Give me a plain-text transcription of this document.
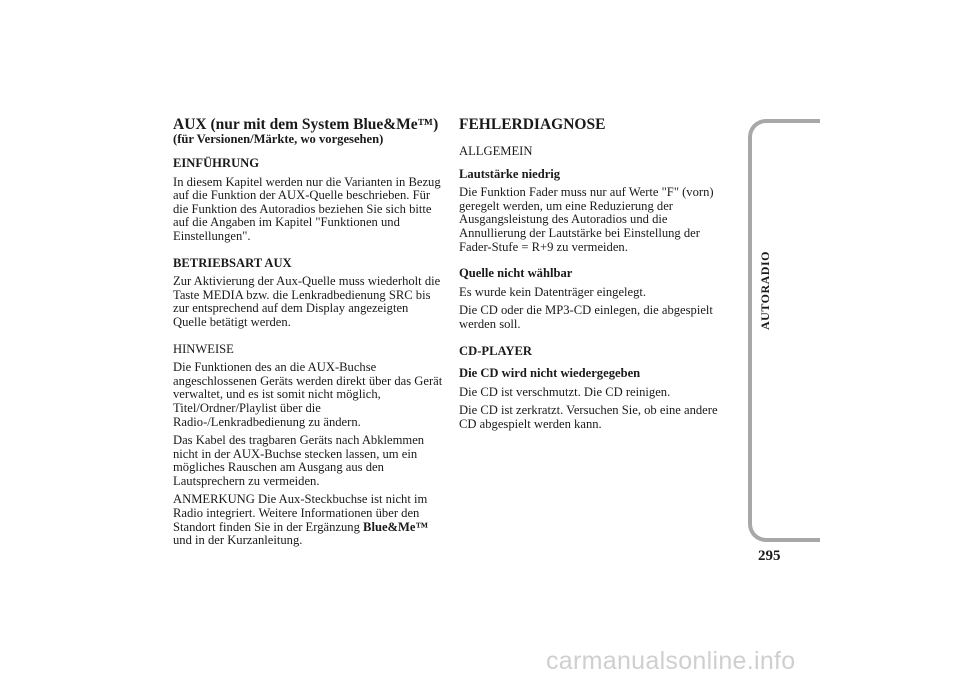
AUX (nur mit dem System Blue&Me™)
(für Versionen/Märkte, wo vorgesehen)
EINFÜHRUNG

In diesem Kapitel werden nur die Varianten in Bezug auf die Funktion der AUX-Quelle beschrieben. Für die Funktion des Autoradios beziehen Sie sich bitte auf die Angaben im Kapitel "Funktionen und Einstellungen".

BETRIEBSART AUX

Zur Aktivierung der Aux-Quelle muss wiederholt die Taste MEDIA bzw. die Lenkradbedienung SRC bis zur entsprechend auf dem Display angezeigten Quelle betätigt werden.

HINWEISE

Die Funktionen des an die AUX-Buchse angeschlossenen Geräts werden direkt über das Gerät verwaltet, und es ist somit nicht möglich, Titel/Ordner/Playlist über die Radio-/Lenkradbedienung zu ändern.

Das Kabel des tragbaren Geräts nach Abklemmen nicht in der AUX-Buchse stecken lassen, um ein mögliches Rauschen am Ausgang aus den Lautsprechern zu vermeiden.

ANMERKUNG Die Aux-Steckbuchse ist nicht im Radio integriert. Weitere Informationen über den Standort finden Sie in der Ergänzung Blue&Me™ und in der Kurzanleitung.

FEHLERDIAGNOSE
ALLGEMEIN
Lautstärke niedrig

Die Funktion Fader muss nur auf Werte "F" (vorn) geregelt werden, um eine Reduzierung der Ausgangsleistung des Autoradios und die Annullierung der Lautstärke bei Einstellung der Fader-Stufe = R+9 zu vermeiden.

Quelle nicht wählbar

Es wurde kein Datenträger eingelegt.

Die CD oder die MP3-CD einlegen, die abgespielt werden soll.

CD-PLAYER
Die CD wird nicht wiedergegeben

Die CD ist verschmutzt. Die CD reinigen.

Die CD ist zerkratzt. Versuchen Sie, ob eine andere CD abgespielt werden kann.

AUTORADIO
295
carmanualsonline.info
